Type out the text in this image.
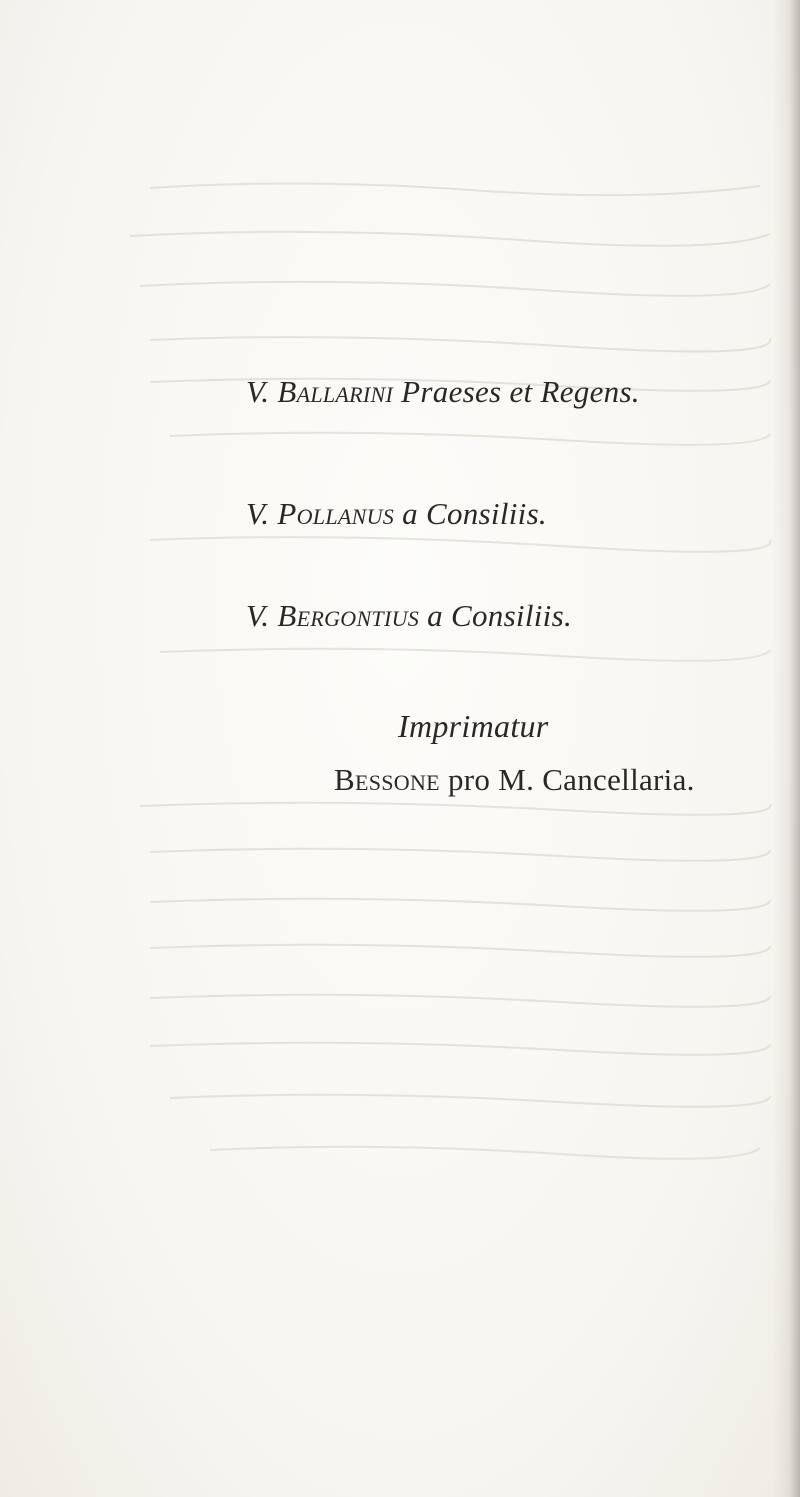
V. Ballarini Praeses et Regens.
V. Pollanus a Consiliis.
V. Bergontius a Consiliis.
Imprimatur
Bessone pro M. Cancellaria.
